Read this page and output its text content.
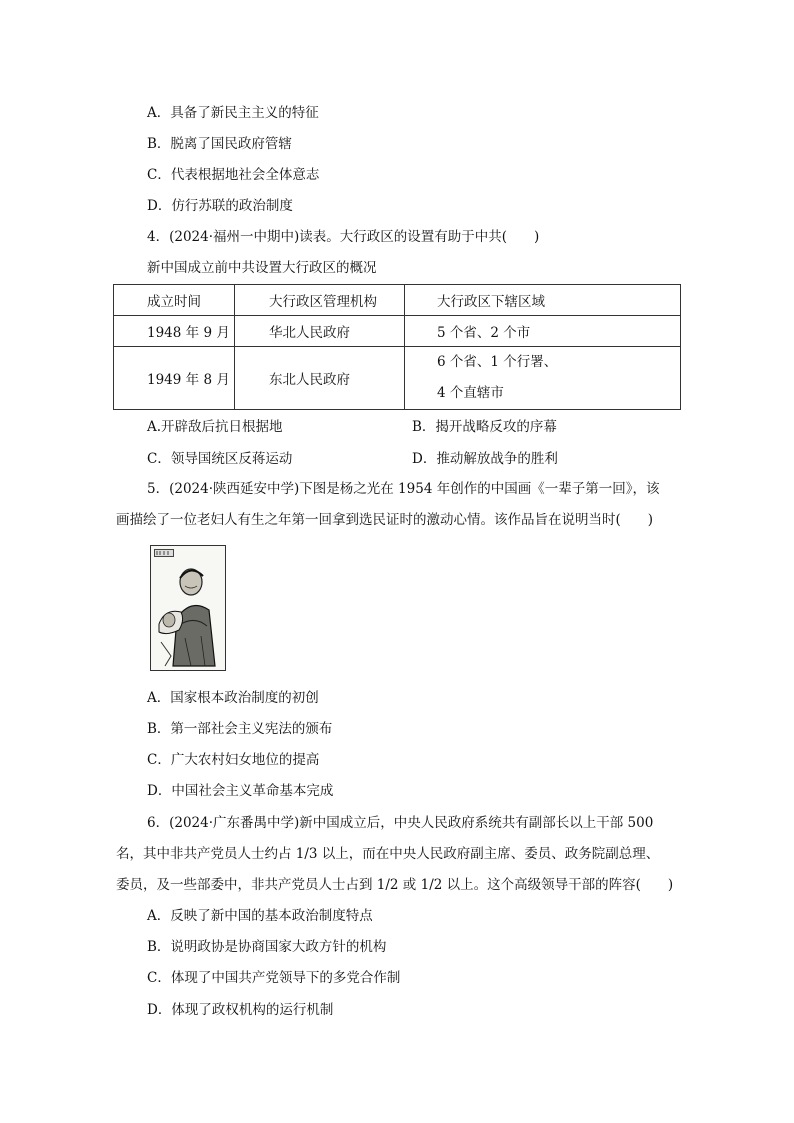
A．具备了新民主主义的特征
B．脱离了国民政府管辖
C．代表根据地社会全体意志
D．仿行苏联的政治制度
4．(2024·福州一中期中)读表。大行政区的设置有助于中共(　　)
新中国成立前中共设置大行政区的概况
成立时间	大行政区管理机构	大行政区下辖区域
1948 年 9 月	华北人民政府	5 个省、2 个市
1949 年 8 月	东北人民政府	6 个省、1 个行署、
4 个直辖市
A.开辟敌后抗日根据地	B．揭开战略反攻的序幕
C．领导国统区反蒋运动	D．推动解放战争的胜利
5．(2024·陕西延安中学)下图是杨之光在 1954 年创作的中国画《一辈子第一回》，该
画描绘了一位老妇人有生之年第一回拿到选民证时的激动心情。该作品旨在说明当时(　　)
A．国家根本政治制度的初创
B．第一部社会主义宪法的颁布
C．广大农村妇女地位的提高
D．中国社会主义革命基本完成
6．(2024·广东番禺中学)新中国成立后，中央人民政府系统共有副部长以上干部 500
名，其中非共产党员人士约占 1/3 以上，而在中央人民政府副主席、委员、政务院副总理、
委员，及一些部委中，非共产党员人士占到 1/2 或 1/2 以上。这个高级领导干部的阵容(　　)
A．反映了新中国的基本政治制度特点
B．说明政协是协商国家大政方针的机构
C．体现了中国共产党领导下的多党合作制
D．体现了政权机构的运行机制
